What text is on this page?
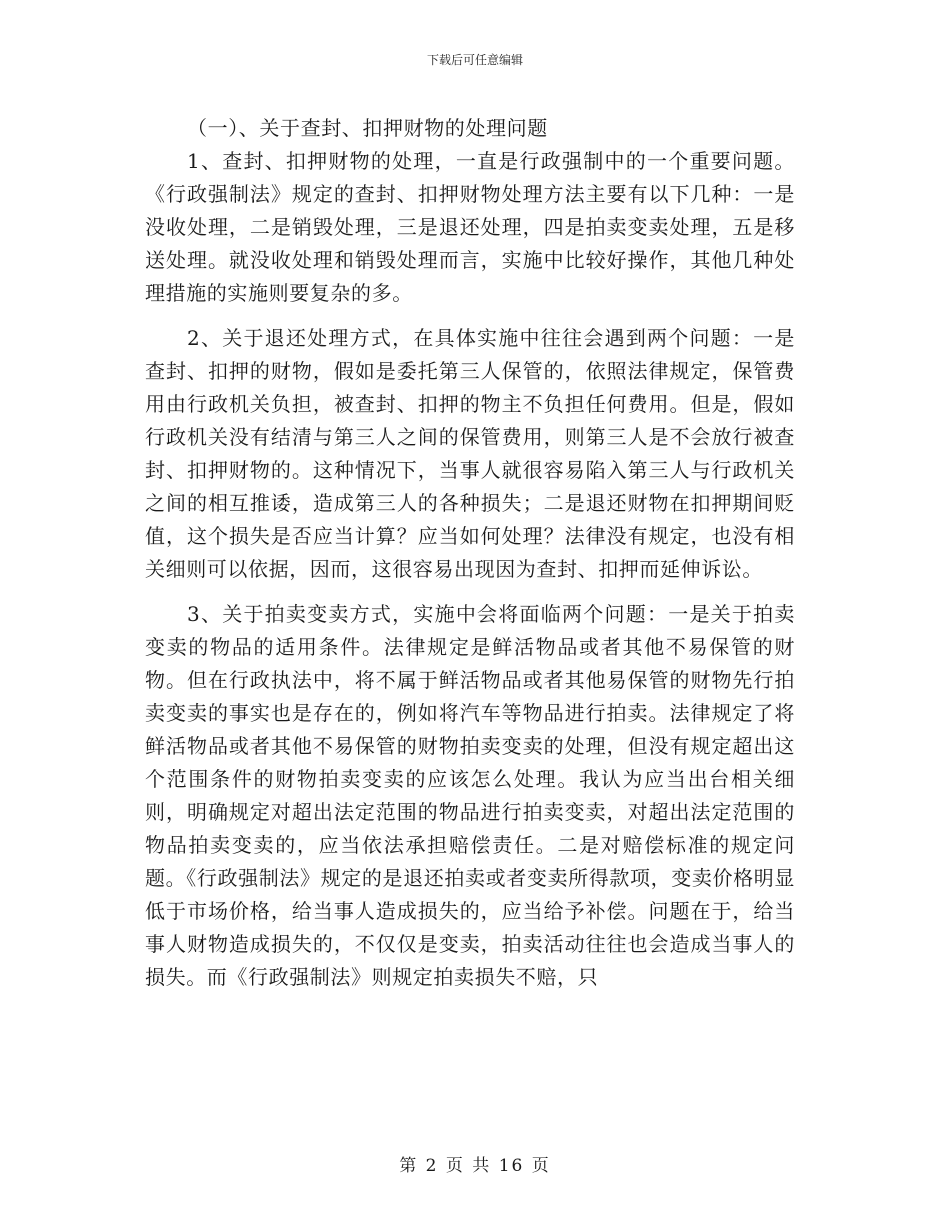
下载后可任意编辑

（一）、关于查封、扣押财物的处理问题

1、查封、扣押财物的处理，一直是行政强制中的一个重要问题。《行政强制法》规定的查封、扣押财物处理方法主要有以下几种：一是没收处理，二是销毁处理，三是退还处理，四是拍卖变卖处理，五是移送处理。就没收处理和销毁处理而言，实施中比较好操作，其他几种处理措施的实施则要复杂的多。

2、关于退还处理方式，在具体实施中往往会遇到两个问题：一是查封、扣押的财物，假如是委托第三人保管的，依照法律规定，保管费用由行政机关负担，被查封、扣押的物主不负担任何费用。但是，假如行政机关没有结清与第三人之间的保管费用，则第三人是不会放行被查封、扣押财物的。这种情况下，当事人就很容易陷入第三人与行政机关之间的相互推诿，造成第三人的各种损失；二是退还财物在扣押期间贬值，这个损失是否应当计算？应当如何处理？法律没有规定，也没有相关细则可以依据，因而，这很容易出现因为查封、扣押而延伸诉讼。

3、关于拍卖变卖方式，实施中会将面临两个问题：一是关于拍卖变卖的物品的适用条件。法律规定是鲜活物品或者其他不易保管的财物。但在行政执法中，将不属于鲜活物品或者其他易保管的财物先行拍卖变卖的事实也是存在的，例如将汽车等物品进行拍卖。法律规定了将鲜活物品或者其他不易保管的财物拍卖变卖的处理，但没有规定超出这个范围条件的财物拍卖变卖的应该怎么处理。我认为应当出台相关细则，明确规定对超出法定范围的物品进行拍卖变卖，对超出法定范围的物品拍卖变卖的，应当依法承担赔偿责任。二是对赔偿标准的规定问题。《行政强制法》规定的是退还拍卖或者变卖所得款项，变卖价格明显低于市场价格，给当事人造成损失的，应当给予补偿。问题在于，给当事人财物造成损失的，不仅仅是变卖，拍卖活动往往也会造成当事人的损失。而《行政强制法》则规定拍卖损失不赔，只

第 2 页 共 16 页
